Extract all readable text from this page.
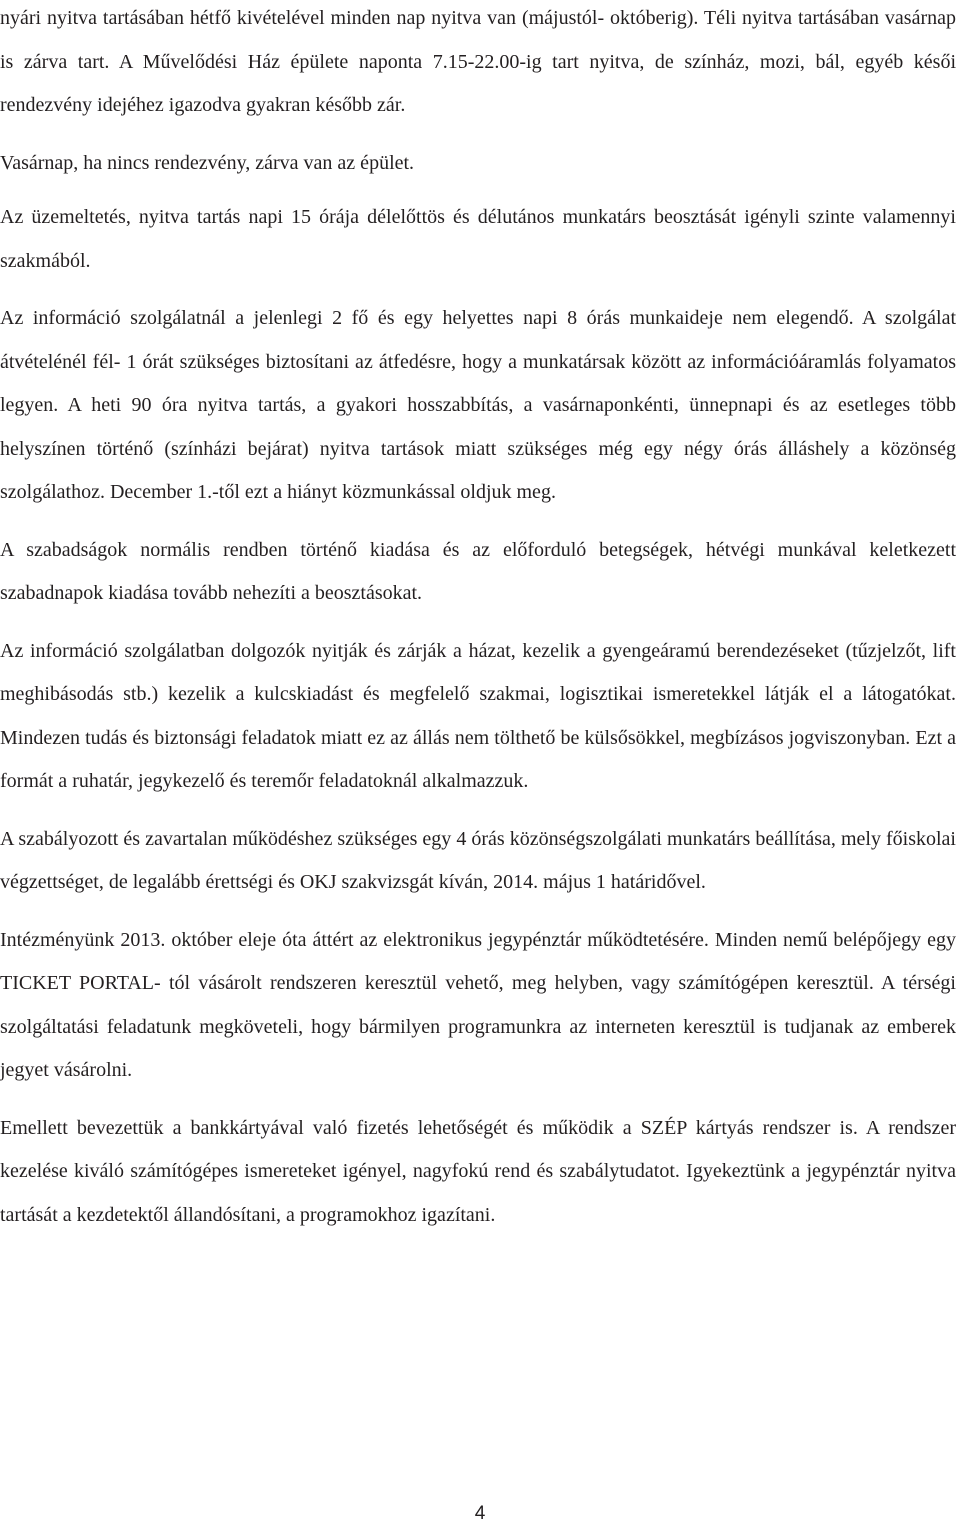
nyári nyitva tartásában hétfő kivételével minden nap nyitva van (májustól- októberig). Téli nyitva tartásában vasárnap is zárva tart. A Művelődési Ház épülete naponta 7.15-22.00-ig tart nyitva, de színház, mozi, bál, egyéb késői rendezvény idejéhez igazodva gyakran később zár.

Vasárnap, ha nincs rendezvény, zárva van az épület.

Az üzemeltetés, nyitva tartás napi 15 órája délelőttös és délutános munkatárs beosztását igényli szinte valamennyi szakmából.

Az információ szolgálatnál a jelenlegi 2 fő és egy helyettes napi 8 órás munkaideje nem elegendő. A szolgálat átvételénél fél- 1 órát szükséges biztosítani az átfedésre, hogy a munkatársak között az információáramlás folyamatos legyen. A heti 90 óra nyitva tartás, a gyakori hosszabbítás, a vasárnaponkénti, ünnepnapi és az esetleges több helyszínen történő (színházi bejárat) nyitva tartások miatt szükséges még egy négy órás álláshely a közönség szolgálathoz. December 1.-től ezt a hiányt közmunkással oldjuk meg.

A szabadságok normális rendben történő kiadása és az előforduló betegségek, hétvégi munkával keletkezett szabadnapok kiadása tovább nehezíti a beosztásokat.

Az információ szolgálatban dolgozók nyitják és zárják a házat, kezelik a gyengeáramú berendezéseket (tűzjelzőt, lift meghibásodás stb.) kezelik a kulcskiadást és megfelelő szakmai, logisztikai ismeretekkel látják el a látogatókat. Mindezen tudás és biztonsági feladatok miatt ez az állás nem tölthető be külsősökkel, megbízásos jogviszonyban. Ezt a formát a ruhatár, jegykezelő és teremőr feladatoknál alkalmazzuk.

A szabályozott és zavartalan működéshez szükséges egy 4 órás közönségszolgálati munkatárs beállítása, mely főiskolai végzettséget, de legalább érettségi és OKJ szakvizsgát kíván, 2014. május 1 határidővel.

Intézményünk 2013. október eleje óta áttért az elektronikus jegypénztár működtetésére. Minden nemű belépőjegy egy TICKET PORTAL- tól vásárolt rendszeren keresztül vehető, meg helyben, vagy számítógépen keresztül. A térségi szolgáltatási feladatunk megköveteli, hogy bármilyen programunkra az interneten keresztül is tudjanak az emberek jegyet vásárolni.

Emellett bevezettük a bankkártyával való fizetés lehetőségét és működik a SZÉP kártyás rendszer is. A rendszer kezelése kiváló számítógépes ismereteket igényel, nagyfokú rend és szabálytudatot. Igyekeztünk a jegypénztár nyitva tartását a kezdetektől állandósítani, a programokhoz igazítani.

4
